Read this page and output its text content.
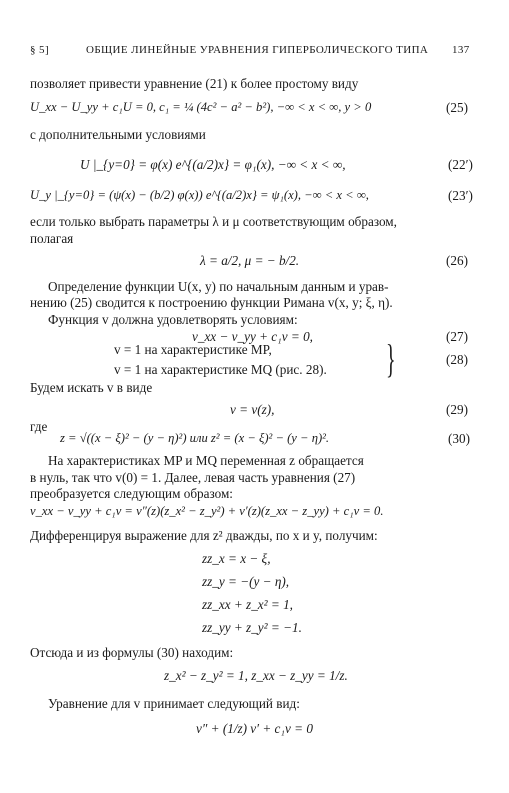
§ 5]	ОБЩИЕ ЛИНЕЙНЫЕ УРАВНЕНИЯ ГИПЕРБОЛИЧЕСКОГО ТИПА 137
позволяет привести уравнение (21) к более простому виду
U_xx − U_yy + c₁U = 0, c₁ = ¼ (4c² − a² − b²), −∞ < x < ∞, y > 0	(25)
с дополнительными условиями
U |_{y=0} = φ(x) e^{(a/2)x} = φ₁(x), −∞ < x < ∞,	(22′)
U_y |_{y=0} = (ψ(x) − (b/2) φ(x)) e^{(a/2)x} = ψ₁(x), −∞ < x < ∞,	(23′)
если только выбрать параметры λ и μ соответствующим образом,
полагая
λ = a/2, μ = − b/2.	(26)
Определение функции U(x, y) по начальным данным и урав-
нению (25) сводится к построению функции Римана v(x, y; ξ, η).
Функция v должна удовлетворять условиям:
v_xx − v_yy + c₁v = 0,	(27)
v = 1 на характеристике MP,
v = 1 на характеристике MQ (рис. 28). }	(28)
Будем искать v в виде
v = v(z),	(29)
где
z = √((x − ξ)² − (y − η)²) или z² = (x − ξ)² − (y − η)².	(30)
На характеристиках MP и MQ переменная z обращается
в нуль, так что v(0) = 1. Далее, левая часть уравнения (27)
преобразуется следующим образом:
v_xx − v_yy + c₁v = v″(z)(z_x² − z_y²) + v′(z)(z_xx − z_yy) + c₁v = 0.
Дифференцируя выражение для z² дважды, по x и y, получим:
zz_x = x − ξ,
zz_y = −(y − η),
zz_xx + z_x² = 1,
zz_yy + z_y² = −1.
Отсюда и из формулы (30) находим:
z_x² − z_y² = 1, z_xx − z_yy = 1/z.
Уравнение для v принимает следующий вид:
v″ + (1/z) v′ + c₁v = 0
